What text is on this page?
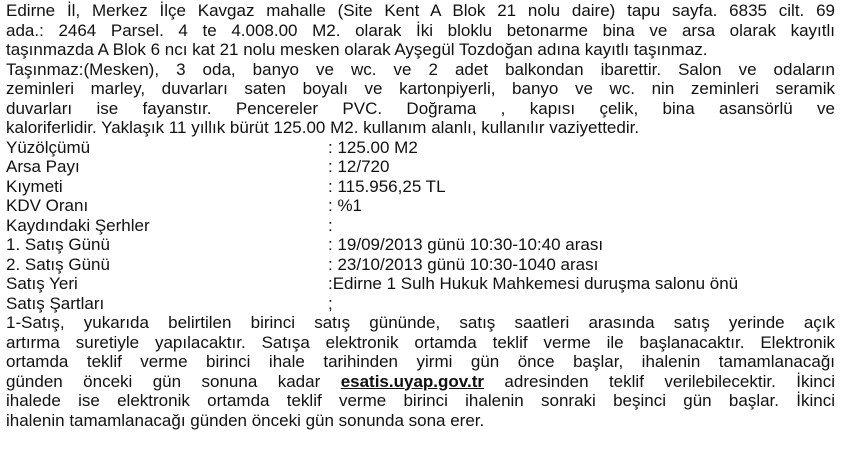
Edirne İl, Merkez İlçe Kavgaz mahalle (Site Kent A Blok 21 nolu daire) tapu sayfa. 6835 cilt. 69
ada.: 2464 Parsel. 4 te 4.008.00 M2. olarak İki bloklu betonarme bina ve arsa olarak kayıtlı
taşınmazda A Blok 6 ncı kat 21 nolu mesken olarak Ayşegül Tozdoğan adına kayıtlı taşınmaz.
Taşınmaz:(Mesken), 3 oda, banyo ve wc. ve 2 adet balkondan ibarettir. Salon ve odaların
zeminleri marley, duvarları saten boyalı ve kartonpiyerli, banyo ve wc. nin zeminleri seramik
duvarları ise fayanstır. Pencereler PVC. Doğrama , kapısı çelik, bina asansörlü ve
kaloriferlidir. Yaklaşık 11 yıllık bürüt 125.00 M2. kullanım alanlı, kullanılır vaziyettedir.
Yüzölçümü	: 125.00 M2
Arsa Payı	: 12/720
Kıymeti	: 115.956,25 TL
KDV Oranı	: %1
Kaydındaki Şerhler	:
1. Satış Günü	: 19/09/2013 günü 10:30-10:40 arası
2. Satış Günü	: 23/10/2013 günü 10:30-1040 arası
Satış Yeri	:Edirne 1 Sulh Hukuk Mahkemesi duruşma salonu önü
Satış Şartları	;
1-Satış, yukarıda belirtilen birinci satış gününde, satış saatleri arasında satış yerinde açık
artırma suretiyle yapılacaktır. Satışa elektronik ortamda teklif verme ile başlanacaktır. Elektronik
ortamda teklif verme birinci ihale tarihinden yirmi gün önce başlar, ihalenin tamamlanacağı
günden önceki gün sonuna kadar esatis.uyap.gov.tr adresinden teklif verilebilecektir. İkinci
ihalede ise elektronik ortamda teklif verme birinci ihalenin sonraki beşinci gün başlar. İkinci
ihalenin tamamlanacağı günden önceki gün sonunda sona erer.
